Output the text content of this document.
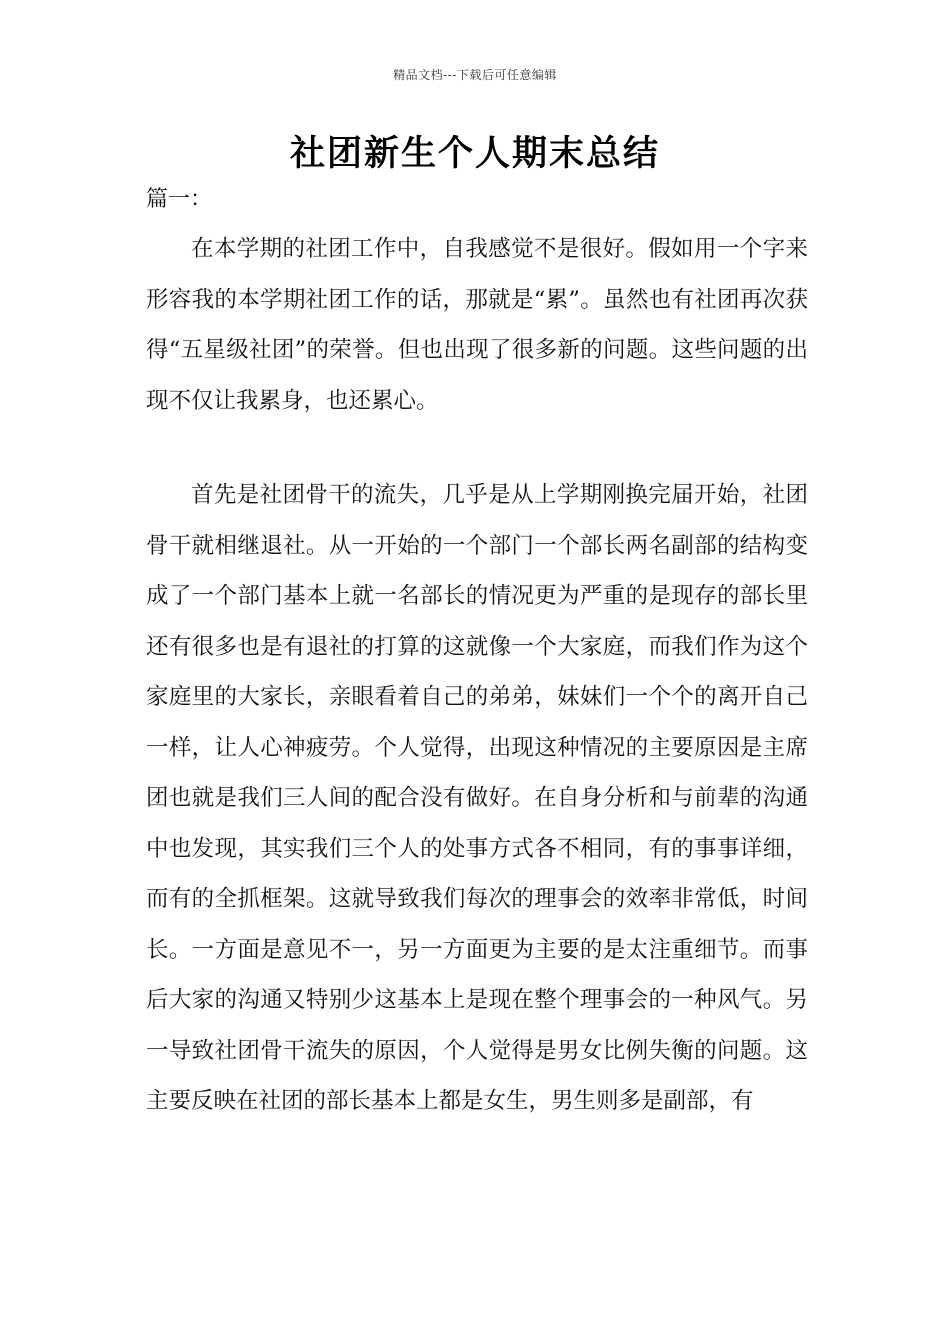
精品文档---下载后可任意编辑
社团新生个人期末总结
篇一：

在本学期的社团工作中，自我感觉不是很好。假如用一个字来形容我的本学期社团工作的话，那就是“累”。虽然也有社团再次获得“五星级社团”的荣誉。但也出现了很多新的问题。这些问题的出现不仅让我累身，也还累心。

首先是社团骨干的流失，几乎是从上学期刚换完届开始，社团骨干就相继退社。从一开始的一个部门一个部长两名副部的结构变成了一个部门基本上就一名部长的情况更为严重的是现存的部长里还有很多也是有退社的打算的这就像一个大家庭，而我们作为这个家庭里的大家长，亲眼看着自己的弟弟，妹妹们一个个的离开自己一样，让人心神疲劳。个人觉得，出现这种情况的主要原因是主席团也就是我们三人间的配合没有做好。在自身分析和与前辈的沟通中也发现，其实我们三个人的处事方式各不相同，有的事事详细，而有的全抓框架。这就导致我们每次的理事会的效率非常低，时间长。一方面是意见不一，另一方面更为主要的是太注重细节。而事后大家的沟通又特别少这基本上是现在整个理事会的一种风气。另一导致社团骨干流失的原因，个人觉得是男女比例失衡的问题。这主要反映在社团的部长基本上都是女生，男生则多是副部，有
